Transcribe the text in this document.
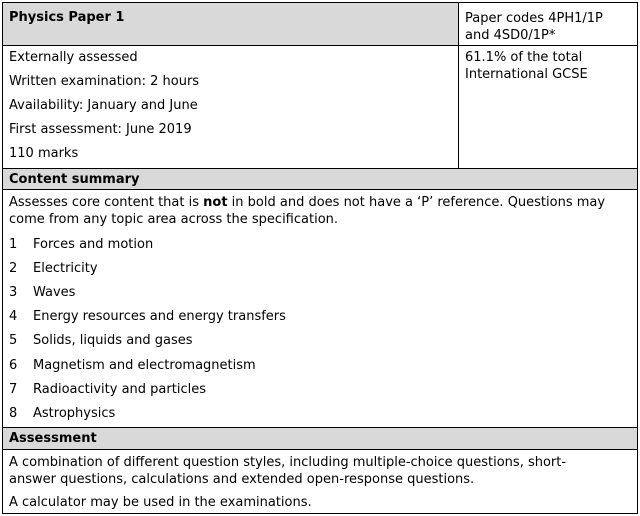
Physics Paper 1	Paper codes 4PH1/1P and 4SD0/1P*
Externally assessed
Written examination: 2 hours
Availability: January and June
First assessment: June 2019
110 marks
61.1% of the total International GCSE
Content summary
Assesses core content that is not in bold and does not have a ‘P’ reference. Questions may come from any topic area across the specification.
1 Forces and motion
2 Electricity
3 Waves
4 Energy resources and energy transfers
5 Solids, liquids and gases
6 Magnetism and electromagnetism
7 Radioactivity and particles
8 Astrophysics
Assessment
A combination of different question styles, including multiple-choice questions, short-answer questions, calculations and extended open-response questions.
A calculator may be used in the examinations.
